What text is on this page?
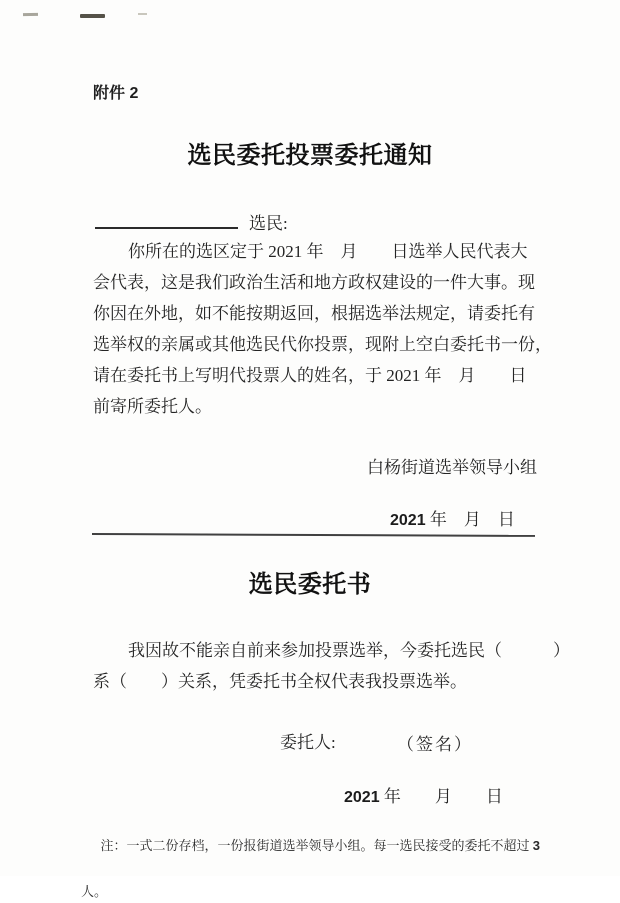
附件 2
选民委托投票委托通知
选民:
你所在的选区定于 2021 年　月　　日选举人民代表大
会代表，这是我们政治生活和地方政权建设的一件大事。现
你因在外地，如不能按期返回，根据选举法规定，请委托有
选举权的亲属或其他选民代你投票，现附上空白委托书一份，
请在委托书上写明代投票人的姓名，于 2021 年　月　　日
前寄所委托人。
白杨街道选举领导小组

2021 年　月　日

选民委托书
我因故不能亲自前来参加投票选举，今委托选民（　　　）
系（　　）关系，凭委托书全权代表我投票选举。
委托人:	（签名）

2021 年　　月　　日

注：一式二份存档，一份报街道选举领导小组。每一选民接受的委托不超过 3

人。
